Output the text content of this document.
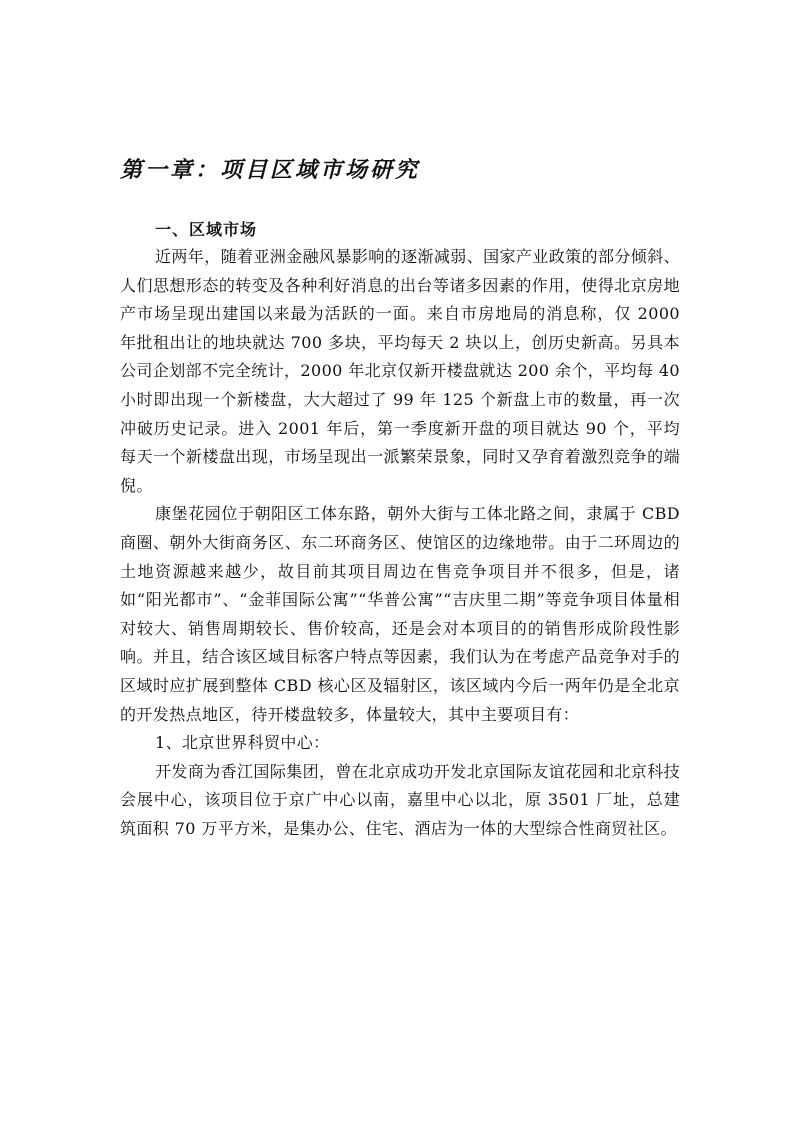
第一章：项目区域市场研究
一、区域市场

近两年，随着亚洲金融风暴影响的逐渐减弱、国家产业政策的部分倾斜、人们思想形态的转变及各种利好消息的出台等诸多因素的作用，使得北京房地产市场呈现出建国以来最为活跃的一面。来自市房地局的消息称，仅 2000 年批租出让的地块就达 700 多块，平均每天 2 块以上，创历史新高。另具本公司企划部不完全统计，2000 年北京仅新开楼盘就达 200 余个，平均每 40 小时即出现一个新楼盘，大大超过了 99 年 125 个新盘上市的数量，再一次冲破历史记录。进入 2001 年后，第一季度新开盘的项目就达 90 个，平均每天一个新楼盘出现，市场呈现出一派繁荣景象，同时又孕育着激烈竞争的端倪。

康堡花园位于朝阳区工体东路，朝外大街与工体北路之间，隶属于 CBD 商圈、朝外大街商务区、东二环商务区、使馆区的边缘地带。由于二环周边的土地资源越来越少，故目前其项目周边在售竞争项目并不很多，但是，诸如“阳光都市”、“金菲国际公寓”“华普公寓”“吉庆里二期”等竞争项目体量相对较大、销售周期较长、售价较高，还是会对本项目的的销售形成阶段性影响。并且，结合该区域目标客户特点等因素，我们认为在考虑产品竞争对手的区域时应扩展到整体 CBD 核心区及辐射区，该区域内今后一两年仍是全北京的开发热点地区，待开楼盘较多，体量较大，其中主要项目有：

1、北京世界科贸中心：

开发商为香江国际集团，曾在北京成功开发北京国际友谊花园和北京科技会展中心，该项目位于京广中心以南，嘉里中心以北，原 3501 厂址，总建筑面积 70 万平方米，是集办公、住宅、酒店为一体的大型综合性商贸社区。
